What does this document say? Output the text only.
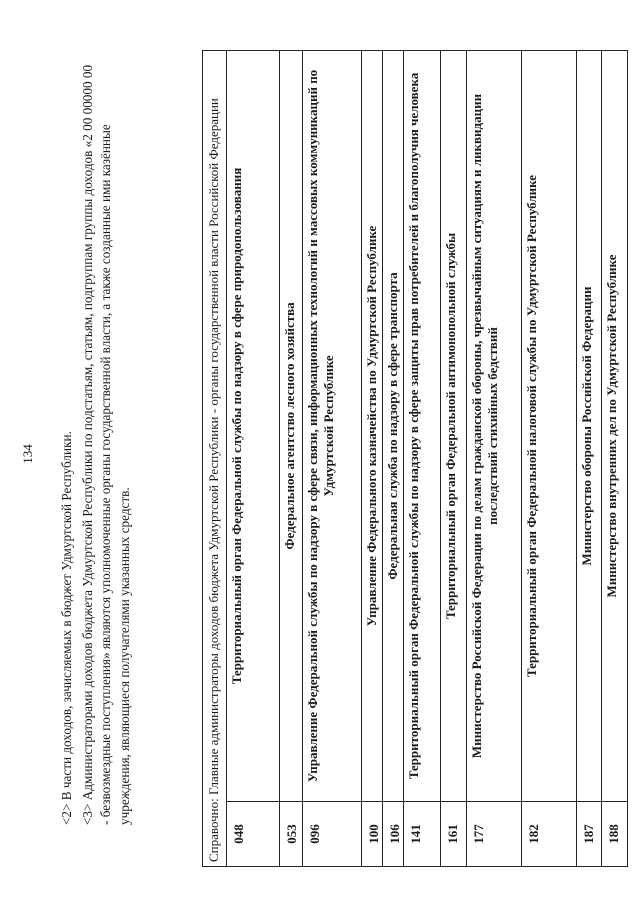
134 <2> В части доходов, зачисляемых в бюджет Удмуртской Республики. <3> Администраторами доходов бюджета Удмуртской Республики по подстатьям, статьям, подгруппам группы доходов «2 00 00000 00 - безвозмездные поступления» являются уполномоченные органы государственной власти, а также созданные ими казённые учреждения, являющиеся получателями указанных средств.	Справочно: Главные администраторы доходов бюджета Удмуртской Республики - органы государственной власти Российской Федерации	
048	Территориальный орган Федеральной службы по надзору в сфере природопользования
053	Федеральное агентство лесного хозяйства
096	Управление Федеральной службы по надзору в сфере связи, информационных технологий и массовых коммуникаций по Удмуртской Республике
100	Управление Федерального казначейства по Удмуртской Республике
106	Федеральная служба по надзору в сфере транспорта
141	Территориальный орган Федеральной службы по надзору в сфере защиты прав потребителей и благополучия человека
161	Территориальный орган Федеральной антимонопольной службы
177	Министерство Российской Федерации по делам гражданской обороны, чрезвычайным ситуациям и ликвидации последствий стихийных бедствий
182	Территориальный орган Федеральной налоговой службы по Удмуртской Республике
187	Министерство обороны Российской Федерации
188	Министерство внутренних дел по Удмуртской Республике
